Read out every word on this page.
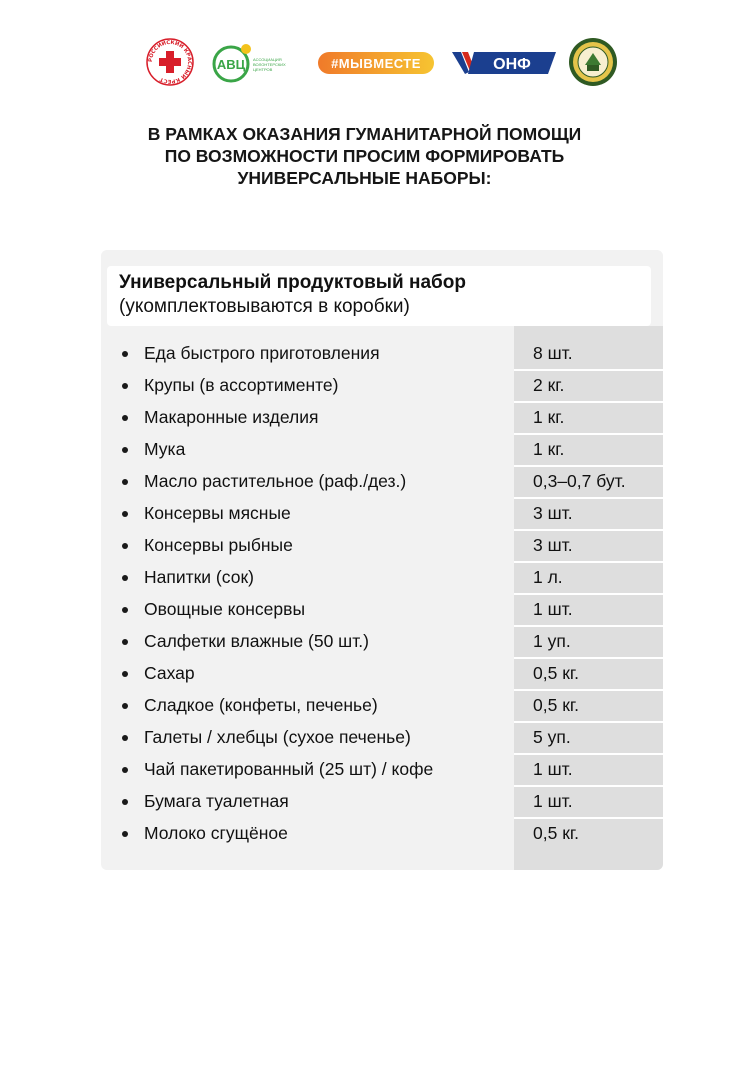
РОССИЙСКИЙ КРАСНЫЙ КРЕСТ
АВЦ АССОЦИАЦИЯ ВОЛОНТЕРСКИХ ЦЕНТРОВ	#МЫВМЕСТЕ	ОНФ
В РАМКАХ ОКАЗАНИЯ ГУМАНИТАРНОЙ ПОМОЩИ
ПО ВОЗМОЖНОСТИ ПРОСИМ ФОРМИРОВАТЬ
УНИВЕРСАЛЬНЫЕ НАБОРЫ:
Универсальный продуктовый набор
(укомплектовываются в коробки)
Еда быстрого приготовления	8 шт.
Крупы (в ассортименте)	2 кг.
Макаронные изделия	1 кг.
Мука	1 кг.
Масло растительное (раф./дез.)	0,3–0,7 бут.
Консервы мясные	3 шт.
Консервы рыбные	3 шт.
Напитки (сок)	1 л.
Овощные консервы	1 шт.
Салфетки влажные (50 шт.)	1 уп.
Сахар	0,5 кг.
Сладкое (конфеты, печенье)	0,5 кг.
Галеты / хлебцы (сухое печенье)	5 уп.
Чай пакетированный (25 шт) / кофе	1 шт.
Бумага туалетная	1 шт.
Молоко сгущёное	0,5 кг.
